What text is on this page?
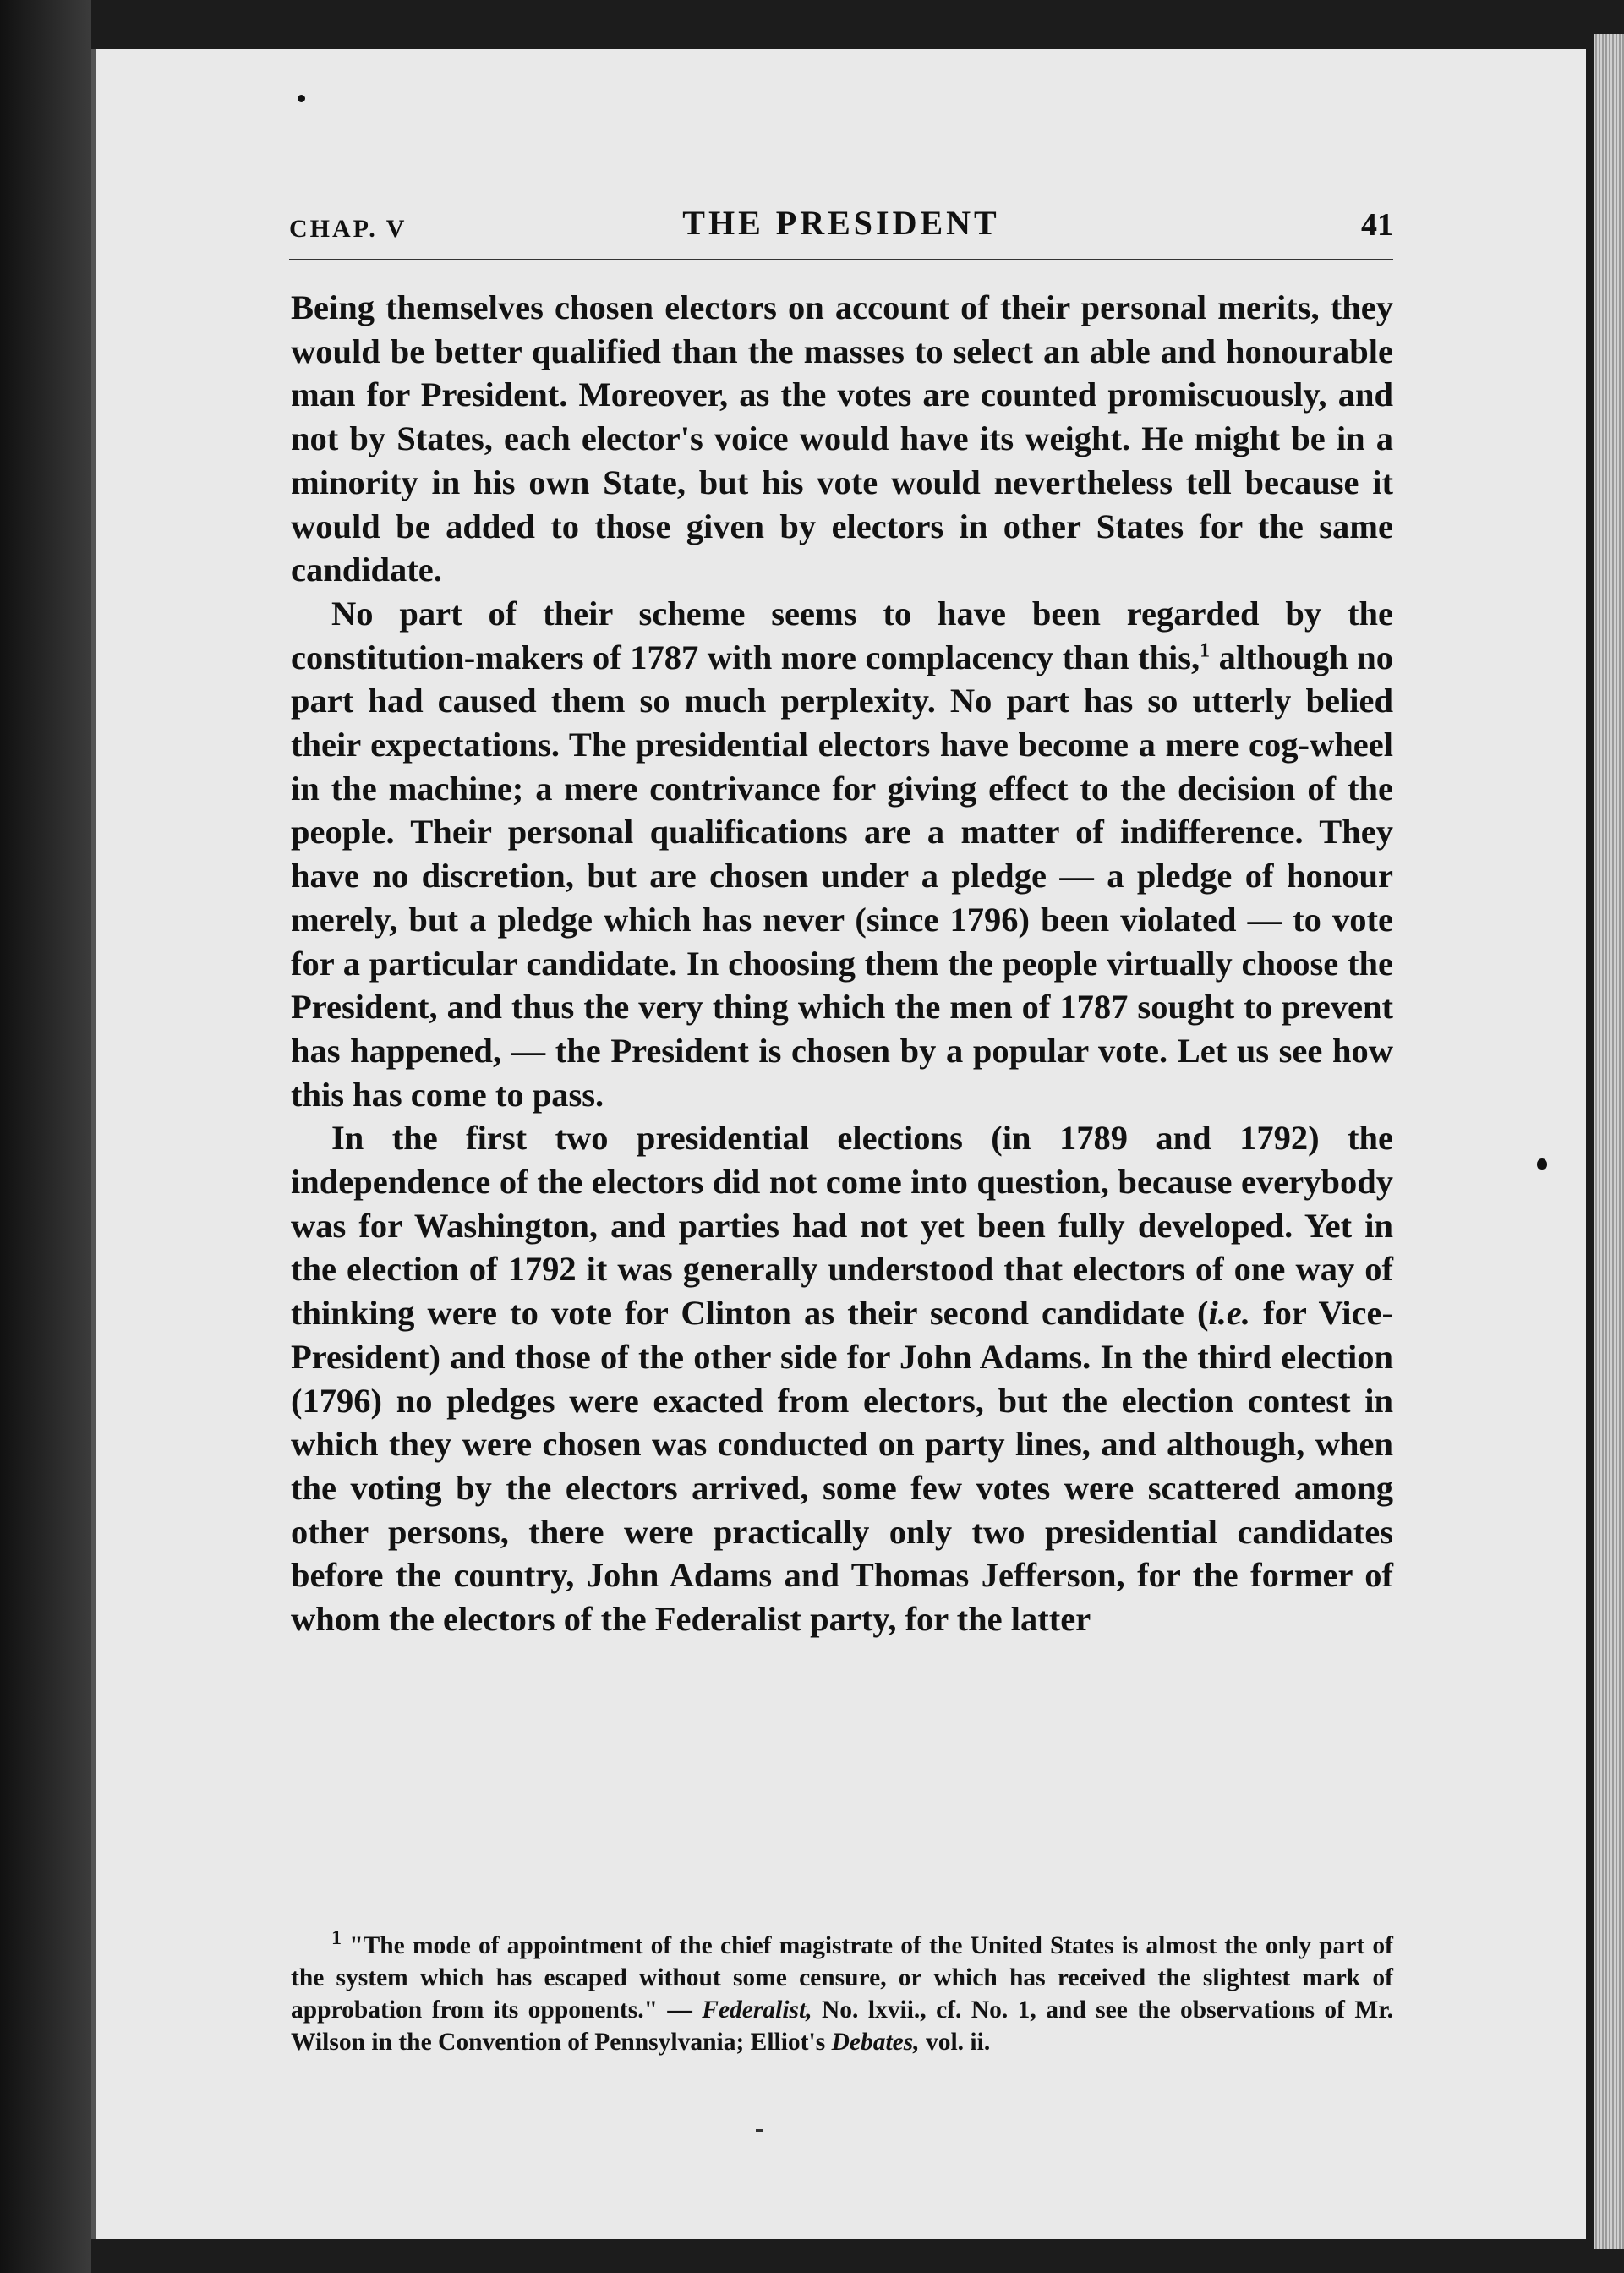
CHAP. V	THE PRESIDENT	41

Being themselves chosen electors on account of their personal merits, they would be better qualified than the masses to select an able and honourable man for President. Moreover, as the votes are counted promiscuously, and not by States, each elector's voice would have its weight. He might be in a minority in his own State, but his vote would nevertheless tell because it would be added to those given by electors in other States for the same candidate.

No part of their scheme seems to have been regarded by the constitution-makers of 1787 with more complacency than this,$^1$ although no part had caused them so much perplexity. No part has so utterly belied their expectations. The presidential electors have become a mere cog-wheel in the machine; a mere contrivance for giving effect to the decision of the people. Their personal qualifications are a matter of indifference. They have no discretion, but are chosen under a pledge — a pledge of honour merely, but a pledge which has never (since 1796) been violated — to vote for a particular candidate. In choosing them the people virtually choose the President, and thus the very thing which the men of 1787 sought to prevent has happened, — the President is chosen by a popular vote. Let us see how this has come to pass.

In the first two presidential elections (in 1789 and 1792) the independence of the electors did not come into question, because everybody was for Washington, and parties had not yet been fully developed. Yet in the election of 1792 it was generally understood that electors of one way of thinking were to vote for Clinton as their second candidate (i.e. for Vice-President) and those of the other side for John Adams. In the third election (1796) no pledges were exacted from electors, but the election contest in which they were chosen was conducted on party lines, and although, when the voting by the electors arrived, some few votes were scattered among other persons, there were practically only two presidential candidates before the country, John Adams and Thomas Jefferson, for the former of whom the electors of the Federalist party, for the latter

$^1$ "The mode of appointment of the chief magistrate of the United States is almost the only part of the system which has escaped without some censure, or which has received the slightest mark of approbation from its opponents." — Federalist, No. lxvii., cf. No. 1, and see the observations of Mr. Wilson in the Convention of Pennsylvania; Elliot's Debates, vol. ii.
